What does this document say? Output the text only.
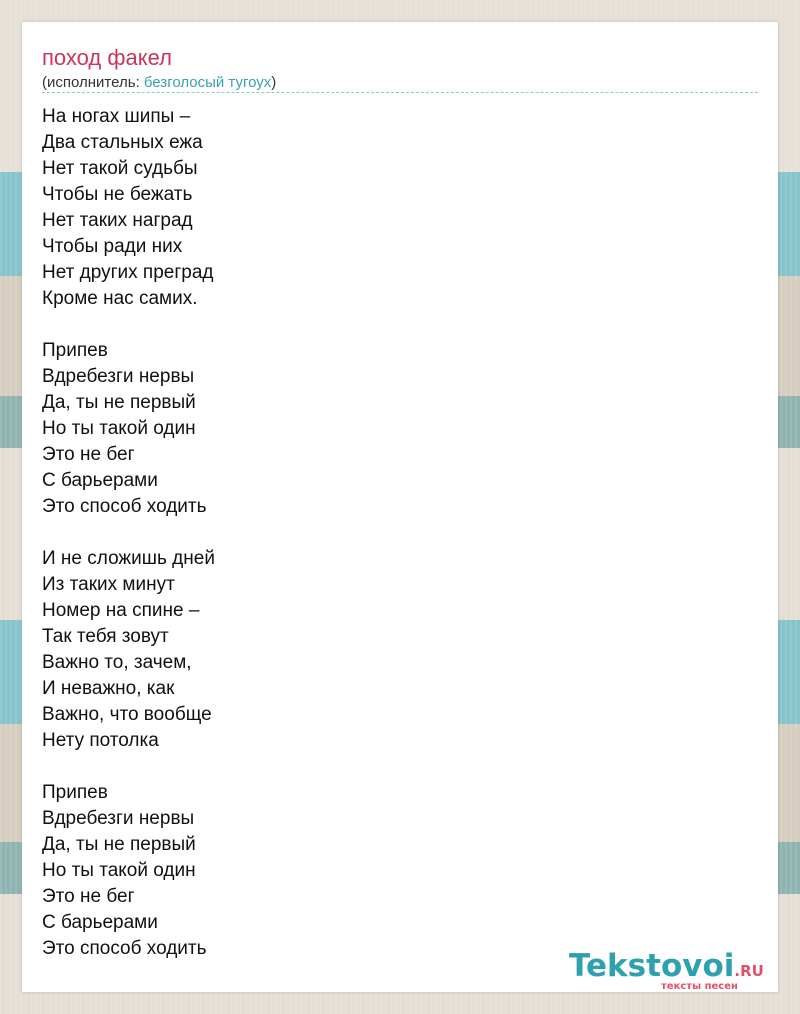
поход факел
(исполнитель: безголосый тугоух)
На ногах шипы –
Два стальных ежа
Нет такой судьбы
Чтобы не бежать
Нет таких наград
Чтобы ради них
Нет других преград
Кроме нас самих.
Припев
Вдребезги нервы
Да, ты не первый
Но ты такой один
Это не бег
С барьерами
Это способ ходить
И не сложишь дней
Из таких минут
Номер на спине –
Так тебя зовут
Важно то, зачем,
И неважно, как
Важно, что вообще
Нету потолка
Припев
Вдребезги нервы
Да, ты не первый
Но ты такой один
Это не бег
С барьерами
Это способ ходить	Tekstovoi.RU
тексты песен
